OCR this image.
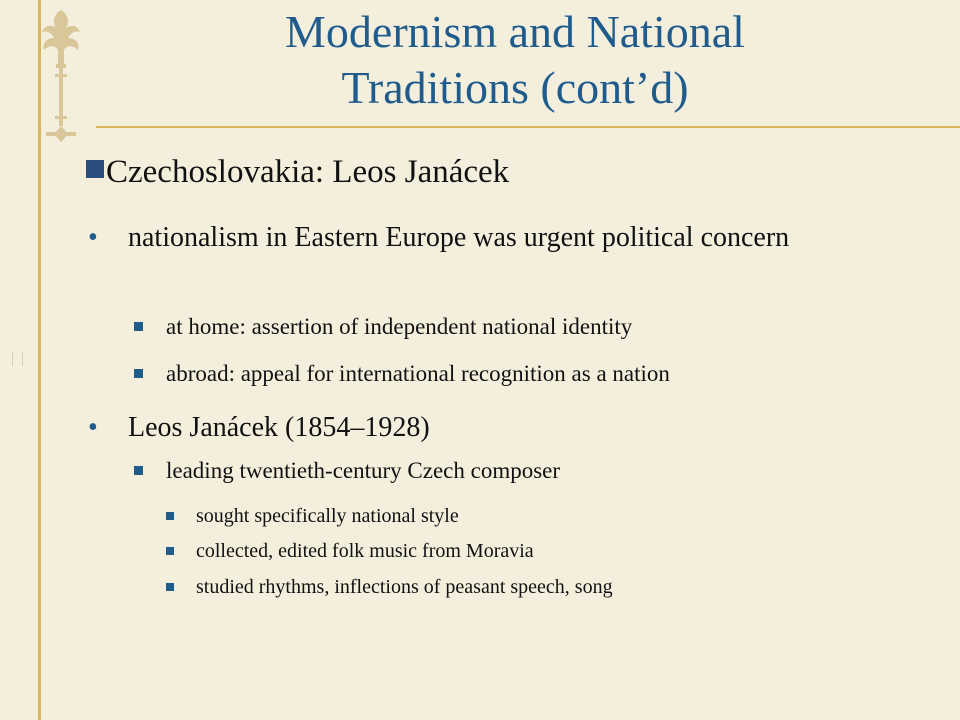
Modernism and National
Traditions (cont’d)
Czechoslovakia: Leos Janácek
• nationalism in Eastern Europe was urgent political concern
at home: assertion of independent national identity
abroad: appeal for international recognition as a nation
• Leos Janácek (1854–1928)
leading twentieth-century Czech composer
sought specifically national style
collected, edited folk music from Moravia
studied rhythms, inflections of peasant speech, song
